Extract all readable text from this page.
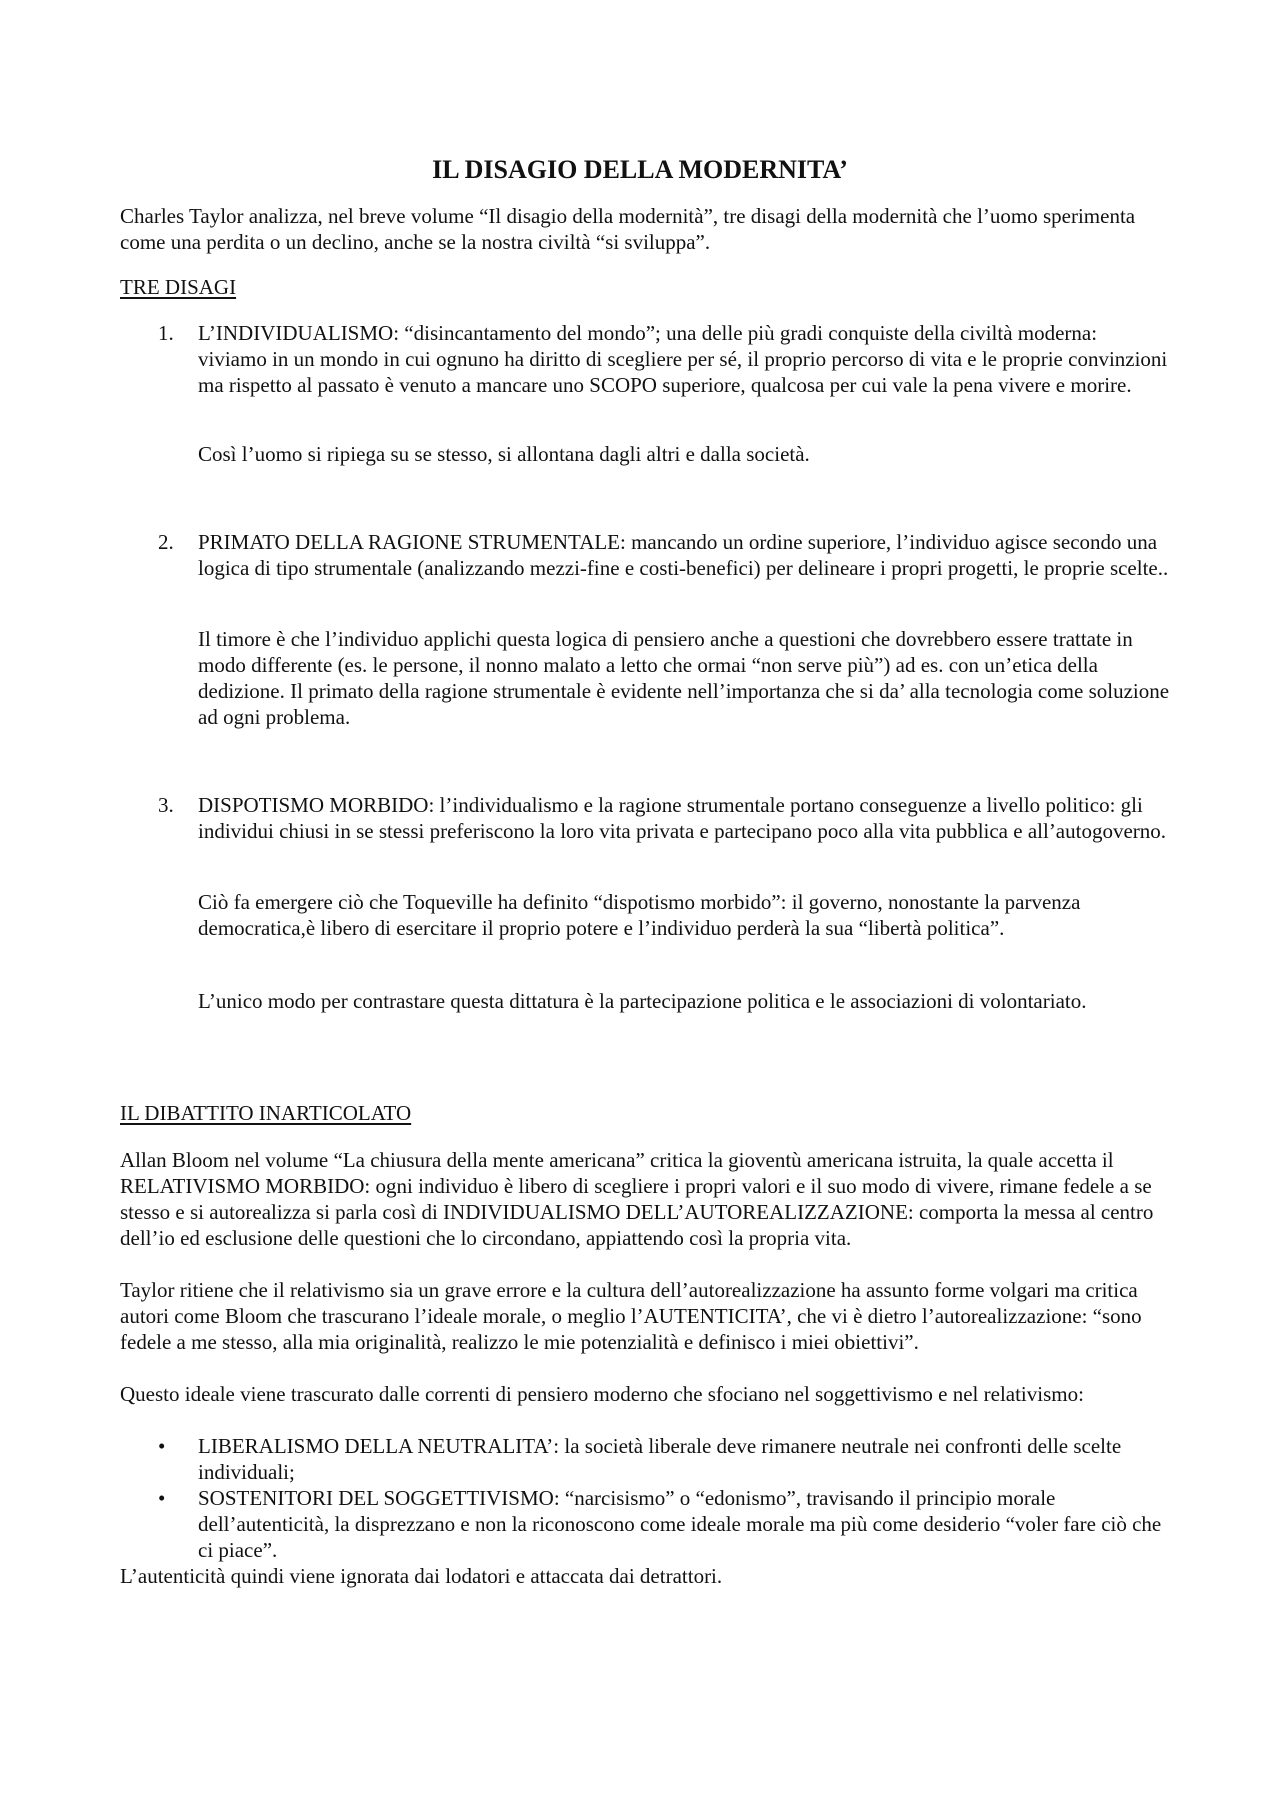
IL DISAGIO DELLA MODERNITA’

Charles Taylor analizza, nel breve volume “Il disagio della modernità”, tre disagi della modernità che l’uomo sperimenta come una perdita o un declino, anche se la nostra civiltà “si sviluppa”.

TRE DISAGI

1. L’INDIVIDUALISMO: “disincantamento del mondo”; una delle più gradi conquiste della civiltà moderna: viviamo in un mondo in cui ognuno ha diritto di scegliere per sé, il proprio percorso di vita e le proprie convinzioni ma rispetto al passato è venuto a mancare uno SCOPO superiore, qualcosa per cui vale la pena vivere e morire.

Così l’uomo si ripiega su se stesso, si allontana dagli altri e dalla società.

2. PRIMATO DELLA RAGIONE STRUMENTALE: mancando un ordine superiore, l’individuo agisce secondo una logica di tipo strumentale (analizzando mezzi-fine e costi-benefici) per delineare i propri progetti, le proprie scelte..

Il timore è che l’individuo applichi questa logica di pensiero anche a questioni che dovrebbero essere trattate in modo differente (es. le persone, il nonno malato a letto che ormai “non serve più”) ad es. con un’etica della dedizione. Il primato della ragione strumentale è evidente nell’importanza che si da’ alla tecnologia come soluzione ad ogni problema.

3. DISPOTISMO MORBIDO: l’individualismo e la ragione strumentale portano conseguenze a livello politico: gli individui chiusi in se stessi preferiscono la loro vita privata e partecipano poco alla vita pubblica e all’autogoverno.

Ciò fa emergere ciò che Toqueville ha definito “dispotismo morbido”: il governo, nonostante la parvenza democratica,è libero di esercitare il proprio potere e l’individuo perderà la sua “libertà politica”.

L’unico modo per contrastare questa dittatura è la partecipazione politica e le associazioni di volontariato.

IL DIBATTITO INARTICOLATO

Allan Bloom nel volume “La chiusura della mente americana” critica la gioventù americana istruita, la quale accetta il RELATIVISMO MORBIDO: ogni individuo è libero di scegliere i propri valori e il suo modo di vivere, rimane fedele a se stesso e si autorealizza si parla così di INDIVIDUALISMO DELL’AUTOREALIZZAZIONE: comporta la messa al centro dell’io ed esclusione delle questioni che lo circondano, appiattendo così la propria vita.

Taylor ritiene che il relativismo sia un grave errore e la cultura dell’autorealizzazione ha assunto forme volgari ma critica autori come Bloom che trascurano l’ideale morale, o meglio l’AUTENTICITA’, che vi è dietro l’autorealizzazione: “sono fedele a me stesso, alla mia originalità, realizzo le mie potenzialità e definisco i miei obiettivi”.

Questo ideale viene trascurato dalle correnti di pensiero moderno che sfociano nel soggettivismo e nel relativismo:

• LIBERALISMO DELLA NEUTRALITA’: la società liberale deve rimanere neutrale nei confronti delle scelte individuali;

• SOSTENITORI DEL SOGGETTIVISMO: “narcisismo” o “edonismo”, travisando il principio morale dell’autenticità, la disprezzano e non la riconoscono come ideale morale ma più come desiderio “voler fare ciò che ci piace”.

L’autenticità quindi viene ignorata dai lodatori e attaccata dai detrattori.
